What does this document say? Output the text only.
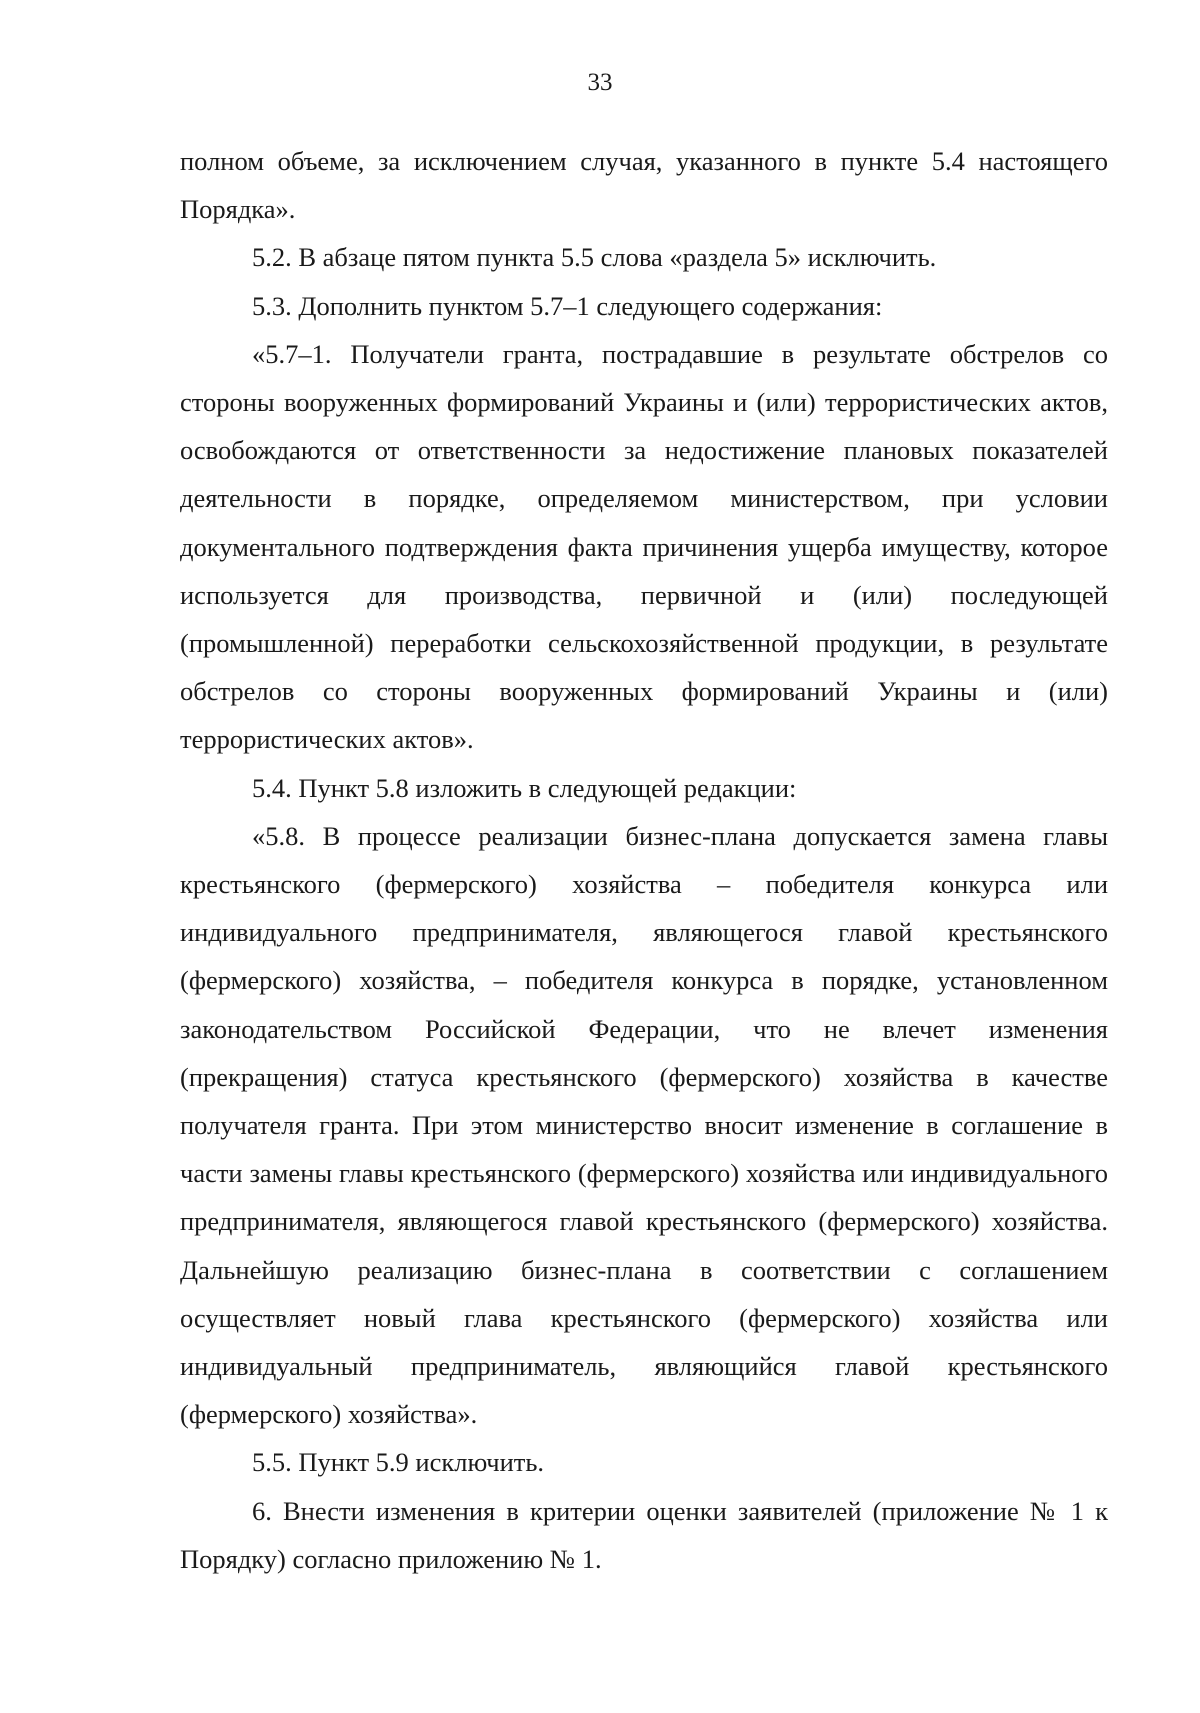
33

полном объеме, за исключением случая, указанного в пункте 5.4 настоящего Порядка».

5.2. В абзаце пятом пункта 5.5 слова «раздела 5» исключить.

5.3. Дополнить пунктом 5.7–1 следующего содержания:

«5.7–1. Получатели гранта, пострадавшие в результате обстрелов со стороны вооруженных формирований Украины и (или) террористических актов, освобождаются от ответственности за недостижение плановых показателей деятельности в порядке, определяемом министерством, при условии документального подтверждения факта причинения ущерба имуществу, которое используется для производства, первичной и (или) последующей (промышленной) переработки сельскохозяйственной продукции, в результате обстрелов со стороны вооруженных формирований Украины и (или) террористических актов».

5.4. Пункт 5.8 изложить в следующей редакции:

«5.8. В процессе реализации бизнес-плана допускается замена главы крестьянского (фермерского) хозяйства – победителя конкурса или индивидуального предпринимателя, являющегося главой крестьянского (фермерского) хозяйства, – победителя конкурса в порядке, установленном законодательством Российской Федерации, что не влечет изменения (прекращения) статуса крестьянского (фермерского) хозяйства в качестве получателя гранта. При этом министерство вносит изменение в соглашение в части замены главы крестьянского (фермерского) хозяйства или индивидуального предпринимателя, являющегося главой крестьянского (фермерского) хозяйства. Дальнейшую реализацию бизнес-плана в соответствии с соглашением осуществляет новый глава крестьянского (фермерского) хозяйства или индивидуальный предприниматель, являющийся главой крестьянского (фермерского) хозяйства».

5.5. Пункт 5.9 исключить.

6. Внести изменения в критерии оценки заявителей (приложение № 1 к Порядку) согласно приложению № 1.
